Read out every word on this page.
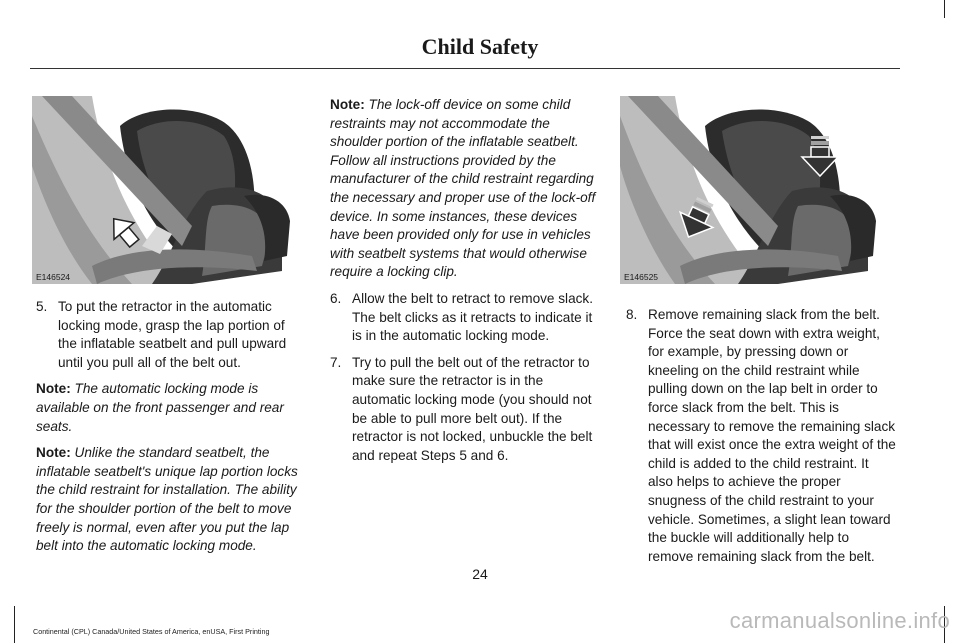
Child Safety
E146524
5. To put the retractor in the automatic locking mode, grasp the lap portion of the inflatable seatbelt and pull upward until you pull all of the belt out.

Note: The automatic locking mode is available on the front passenger and rear seats.

Note: Unlike the standard seatbelt, the inflatable seatbelt's unique lap portion locks the child restraint for installation. The ability for the shoulder portion of the belt to move freely is normal, even after you put the lap belt into the automatic locking mode.

Note: The lock-off device on some child restraints may not accommodate the shoulder portion of the inflatable seatbelt. Follow all instructions provided by the manufacturer of the child restraint regarding the necessary and proper use of the lock-off device. In some instances, these devices have been provided only for use in vehicles with seatbelt systems that would otherwise require a locking clip.

6. Allow the belt to retract to remove slack. The belt clicks as it retracts to indicate it is in the automatic locking mode.
7. Try to pull the belt out of the retractor to make sure the retractor is in the automatic locking mode (you should not be able to pull more belt out). If the retractor is not locked, unbuckle the belt and repeat Steps 5 and 6.
E146525
8. Remove remaining slack from the belt. Force the seat down with extra weight, for example, by pressing down or kneeling on the child restraint while pulling down on the lap belt in order to force slack from the belt. This is necessary to remove the remaining slack that will exist once the extra weight of the child is added to the child restraint. It also helps to achieve the proper snugness of the child restraint to your vehicle. Sometimes, a slight lean toward the buckle will additionally help to remove remaining slack from the belt.
24
Continental (CPL) Canada/United States of America, enUSA, First Printing	carmanualsonline.info
